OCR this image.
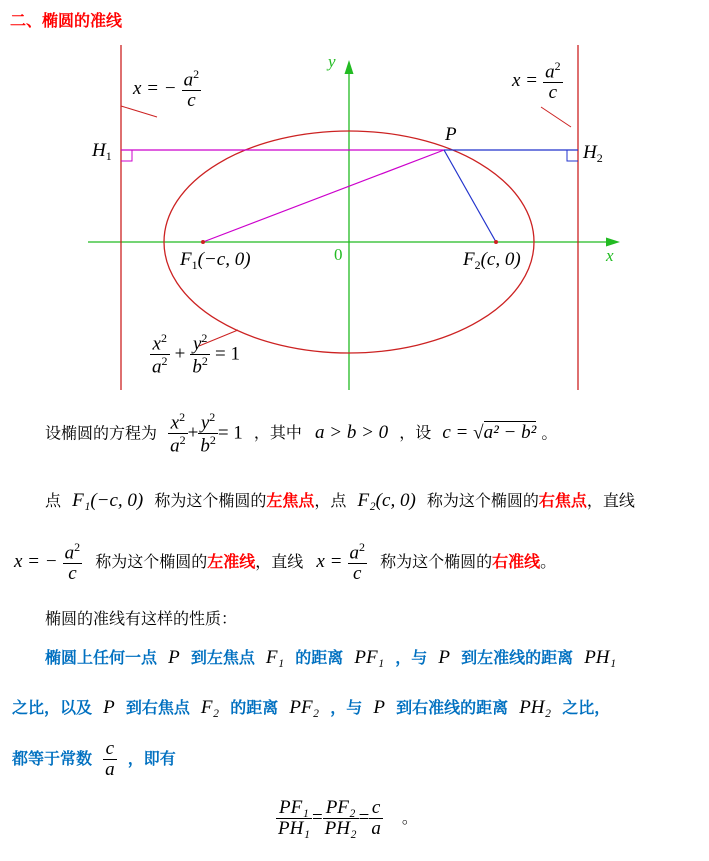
二、椭圆的准线
y
x
0
P
$H_1$	$H_2$
$F_1(-c$, 0)	$F_2(c$, 0)
x = − $\frac{a^2}{c}$	$x = \frac{a^2}{c}$
$\frac{x^2}{a^2} + \frac{y^2}{b^2} = 1$
设椭圆的方程为 $\frac{x^2}{a^2} + \frac{y^2}{b^2} = 1$ ，其中 a > b > 0 ，设 c = √a² − b² 。
点 F₁(−c, 0) 称为这个椭圆的左焦点，点 F₂(c, 0) 称为这个椭圆的右焦点，直线
x = − $\frac{a^2}{c}$ 称为这个椭圆的左准线，直线 $x = \frac{a^2}{c}$ 称为这个椭圆的右准线。
椭圆的准线有这样的性质：
椭圆上任何一点 P 到左焦点 F₁ 的距离 PF₁ ，与 P 到左准线的距离 PH₁
之比，以及 P 到右焦点 F₂ 的距离 PF₂ ，与 P 到右准线的距离 PH₂ 之比，
都等于常数 $\frac{c}{a}$ ，即有
$\frac{\text{PF₁}}{\text{PH₁}} = \frac{\text{PF₂}}{\text{PH₂}} = \frac{c}{a}$ 。
